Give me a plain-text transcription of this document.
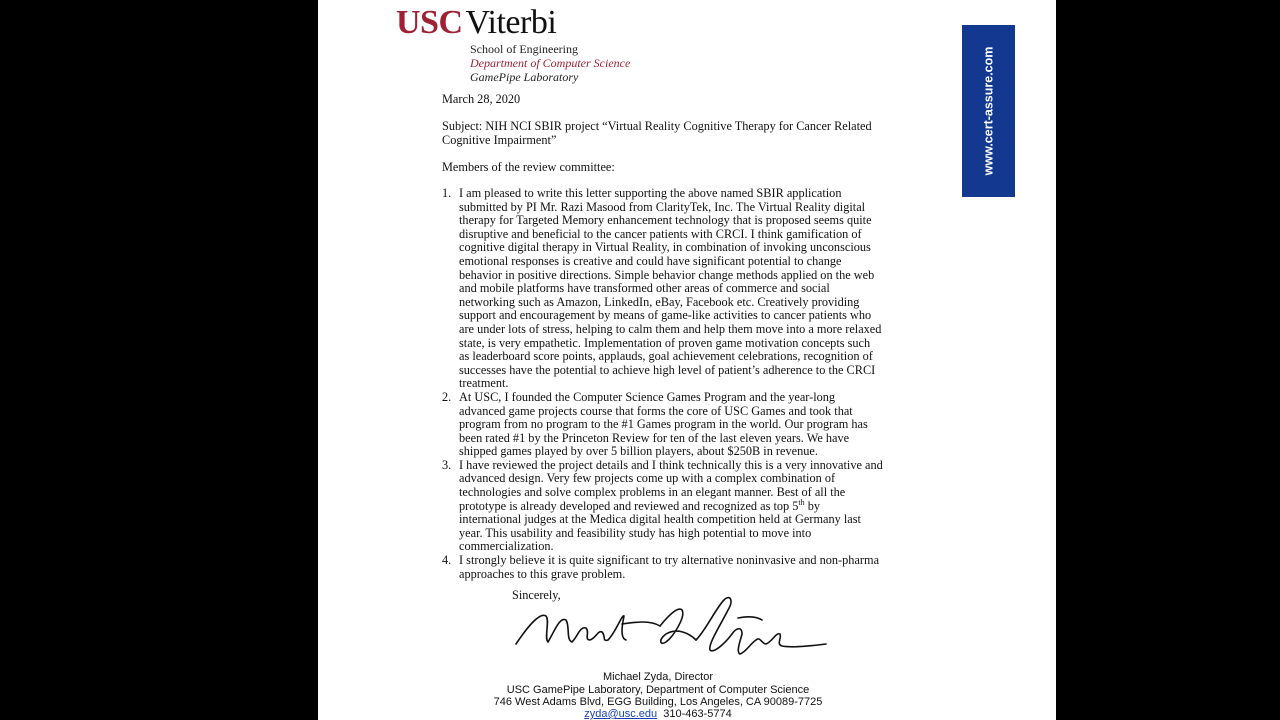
USCViterbi
School of Engineering
Department of Computer Science
GamePipe Laboratory
March 28, 2020
Subject: NIH NCI SBIR project “Virtual Reality Cognitive Therapy for Cancer Related
Cognitive Impairment”
Members of the review committee:
1. I am pleased to write this letter supporting the above named SBIR application
submitted by PI Mr. Razi Masood from ClarityTek, Inc. The Virtual Reality digital
therapy for Targeted Memory enhancement technology that is proposed seems quite
disruptive and beneficial to the cancer patients with CRCI. I think gamification of
cognitive digital therapy in Virtual Reality, in combination of invoking unconscious
emotional responses is creative and could have significant potential to change
behavior in positive directions. Simple behavior change methods applied on the web
and mobile platforms have transformed other areas of commerce and social
networking such as Amazon, LinkedIn, eBay, Facebook etc. Creatively providing
support and encouragement by means of game-like activities to cancer patients who
are under lots of stress, helping to calm them and help them move into a more relaxed
state, is very empathetic. Implementation of proven game motivation concepts such
as leaderboard score points, applauds, goal achievement celebrations, recognition of
successes have the potential to achieve high level of patient’s adherence to the CRCI
treatment.
2. At USC, I founded the Computer Science Games Program and the year-long
advanced game projects course that forms the core of USC Games and took that
program from no program to the #1 Games program in the world. Our program has
been rated #1 by the Princeton Review for ten of the last eleven years. We have
shipped games played by over 5 billion players, about $250B in revenue.
3. I have reviewed the project details and I think technically this is a very innovative and
advanced design. Very few projects come up with a complex combination of
technologies and solve complex problems in an elegant manner. Best of all the
prototype is already developed and reviewed and recognized as top 5th by
international judges at the Medica digital health competition held at Germany last
year. This usability and feasibility study has high potential to move into
commercialization.
4. I strongly believe it is quite significant to try alternative noninvasive and non-pharma
approaches to this grave problem.
Sincerely,
Michael Zyda, Director
USC GamePipe Laboratory, Department of Computer Science
746 West Adams Blvd, EGG Building, Los Angeles, CA 90089-7725
zyda@usc.edu 310-463-5774
www.cert-assure.com
